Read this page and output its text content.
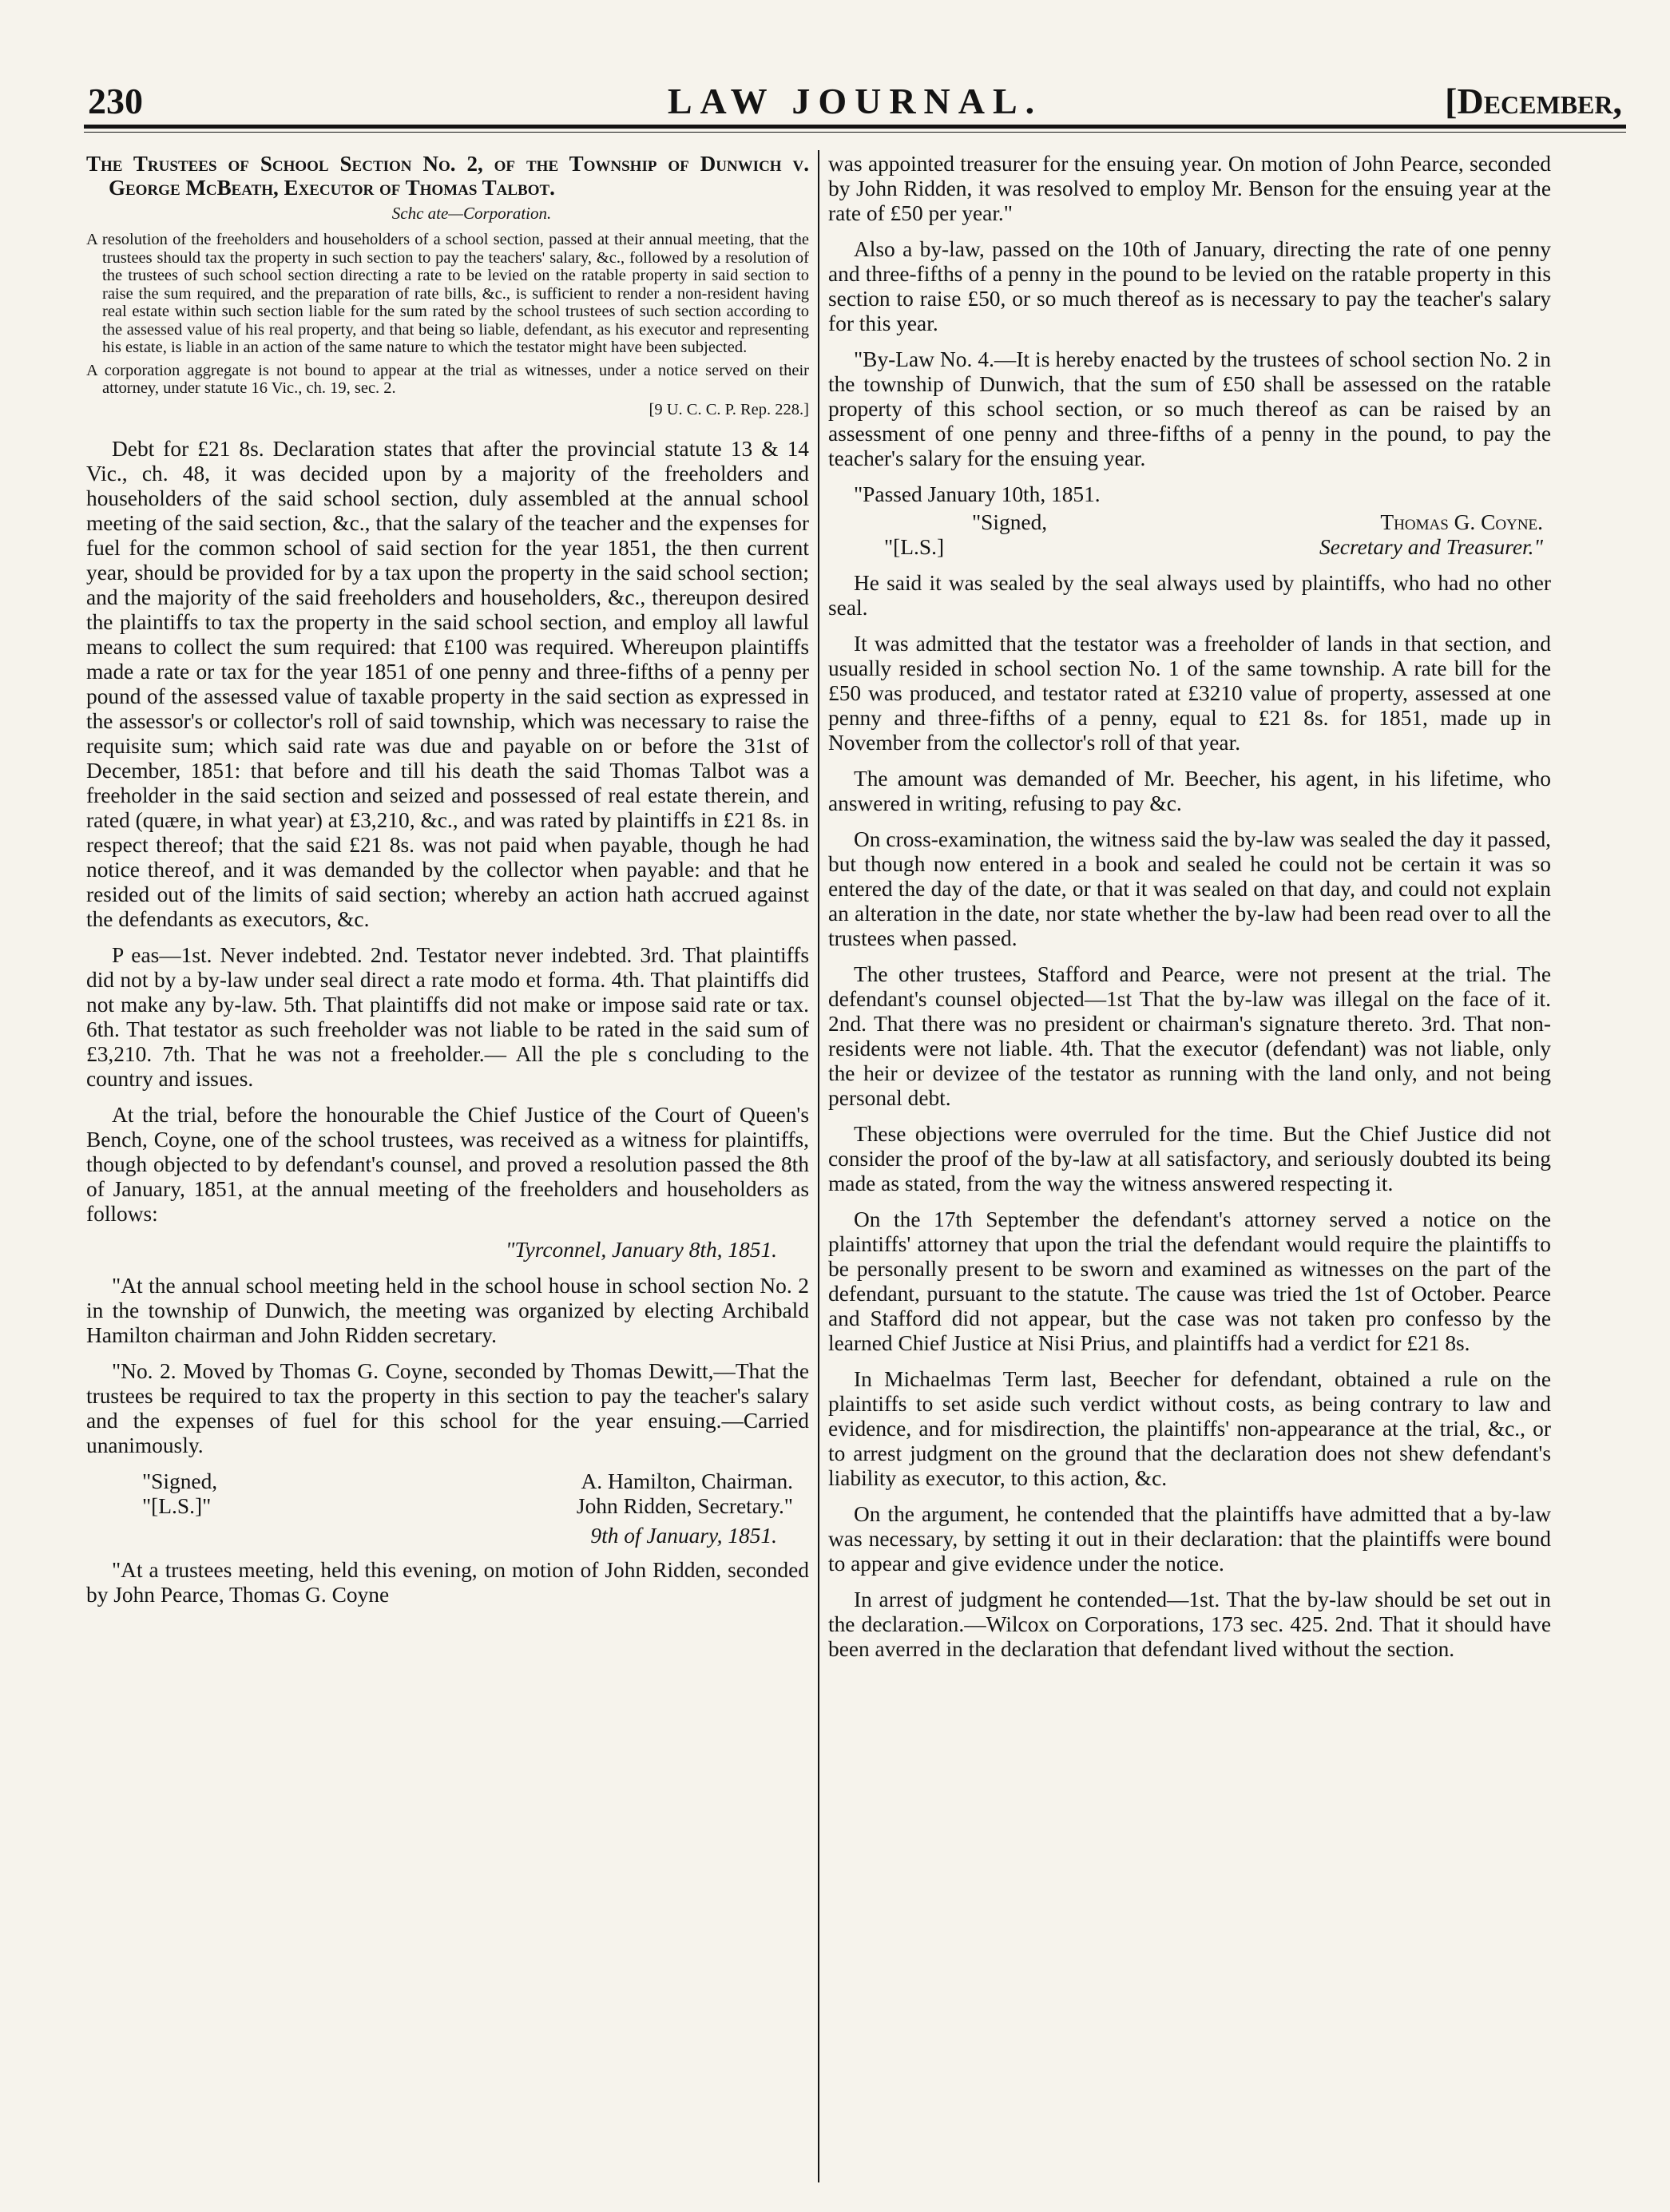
230	LAW JOURNAL.	[December,

The Trustees of School Section No. 2, of the Township of Dunwich v. George McBeath, Executor of Thomas Talbot.

Schc ate—Corporation.

A resolution of the freeholders and householders of a school section, passed at their annual meeting, that the trustees should tax the property in such section to pay the teachers' salary, &c., followed by a resolution of the trustees of such school section directing a rate to be levied on the ratable property in said section to raise the sum required, and the preparation of rate bills, &c., is sufficient to render a non-resident having real estate within such section liable for the sum rated by the school trustees of such section according to the assessed value of his real property, and that being so liable, defendant, as his executor and representing his estate, is liable in an action of the same nature to which the testator might have been subjected.

A corporation aggregate is not bound to appear at the trial as witnesses, under a notice served on their attorney, under statute 16 Vic., ch. 19, sec. 2.

[9 U. C. C. P. Rep. 228.]

Debt for £21 8s. Declaration states that after the provincial statute 13 & 14 Vic., ch. 48, it was decided upon by a majority of the freeholders and householders of the said school section, duly assembled at the annual school meeting of the said section, &c., that the salary of the teacher and the expenses for fuel for the common school of said section for the year 1851, the then current year, should be provided for by a tax upon the property in the said school section; and the majority of the said freeholders and householders, &c., thereupon desired the plaintiffs to tax the property in the said school section, and employ all lawful means to collect the sum required: that £100 was required. Whereupon plaintiffs made a rate or tax for the year 1851 of one penny and three-fifths of a penny per pound of the assessed value of taxable property in the said section as expressed in the assessor's or collector's roll of said township, which was necessary to raise the requisite sum; which said rate was due and payable on or before the 31st of December, 1851: that before and till his death the said Thomas Talbot was a freeholder in the said section and seized and possessed of real estate therein, and rated (quære, in what year) at £3,210, &c., and was rated by plaintiffs in £21 8s. in respect thereof; that the said £21 8s. was not paid when payable, though he had notice thereof, and it was demanded by the collector when payable: and that he resided out of the limits of said section; whereby an action hath accrued against the defendants as executors, &c.

P eas—1st. Never indebted. 2nd. Testator never indebted. 3rd. That plaintiffs did not by a by-law under seal direct a rate modo et forma. 4th. That plaintiffs did not make any by-law. 5th. That plaintiffs did not make or impose said rate or tax. 6th. That testator as such freeholder was not liable to be rated in the said sum of £3,210. 7th. That he was not a freeholder.— All the ple s concluding to the country and issues.

At the trial, before the honourable the Chief Justice of the Court of Queen's Bench, Coyne, one of the school trustees, was received as a witness for plaintiffs, though objected to by defendant's counsel, and proved a resolution passed the 8th of January, 1851, at the annual meeting of the freeholders and householders as follows:

"Tyrconnel, January 8th, 1851.

"At the annual school meeting held in the school house in school section No. 2 in the township of Dunwich, the meeting was organized by electing Archibald Hamilton chairman and John Ridden secretary.

"No. 2. Moved by Thomas G. Coyne, seconded by Thomas Dewitt,—That the trustees be required to tax the property in this section to pay the teacher's salary and the expenses of fuel for this school for the year ensuing.—Carried unanimously.

"Signed,	A. Hamilton, Chairman.
"[L.S.]"	John Ridden, Secretary."

9th of January, 1851.

"At a trustees meeting, held this evening, on motion of John Ridden, seconded by John Pearce, Thomas G. Coyne

was appointed treasurer for the ensuing year. On motion of John Pearce, seconded by John Ridden, it was resolved to employ Mr. Benson for the ensuing year at the rate of £50 per year."

Also a by-law, passed on the 10th of January, directing the rate of one penny and three-fifths of a penny in the pound to be levied on the ratable property in this section to raise £50, or so much thereof as is necessary to pay the teacher's salary for this year.

"By-Law No. 4.—It is hereby enacted by the trustees of school section No. 2 in the township of Dunwich, that the sum of £50 shall be assessed on the ratable property of this school section, or so much thereof as can be raised by an assessment of one penny and three-fifths of a penny in the pound, to pay the teacher's salary for the ensuing year.

"Passed January 10th, 1851.

"Signed,	Thomas G. Coyne.
"[L.S.]	Secretary and Treasurer."

He said it was sealed by the seal always used by plaintiffs, who had no other seal.

It was admitted that the testator was a freeholder of lands in that section, and usually resided in school section No. 1 of the same township. A rate bill for the £50 was produced, and testator rated at £3210 value of property, assessed at one penny and three-fifths of a penny, equal to £21 8s. for 1851, made up in November from the collector's roll of that year.

The amount was demanded of Mr. Beecher, his agent, in his lifetime, who answered in writing, refusing to pay &c.

On cross-examination, the witness said the by-law was sealed the day it passed, but though now entered in a book and sealed he could not be certain it was so entered the day of the date, or that it was sealed on that day, and could not explain an alteration in the date, nor state whether the by-law had been read over to all the trustees when passed.

The other trustees, Stafford and Pearce, were not present at the trial. The defendant's counsel objected—1st That the by-law was illegal on the face of it. 2nd. That there was no president or chairman's signature thereto. 3rd. That non-residents were not liable. 4th. That the executor (defendant) was not liable, only the heir or devizee of the testator as running with the land only, and not being personal debt.

These objections were overruled for the time. But the Chief Justice did not consider the proof of the by-law at all satisfactory, and seriously doubted its being made as stated, from the way the witness answered respecting it.

On the 17th September the defendant's attorney served a notice on the plaintiffs' attorney that upon the trial the defendant would require the plaintiffs to be personally present to be sworn and examined as witnesses on the part of the defendant, pursuant to the statute. The cause was tried the 1st of October. Pearce and Stafford did not appear, but the case was not taken pro confesso by the learned Chief Justice at Nisi Prius, and plaintiffs had a verdict for £21 8s.

In Michaelmas Term last, Beecher for defendant, obtained a rule on the plaintiffs to set aside such verdict without costs, as being contrary to law and evidence, and for misdirection, the plaintiffs' non-appearance at the trial, &c., or to arrest judgment on the ground that the declaration does not shew defendant's liability as executor, to this action, &c.

On the argument, he contended that the plaintiffs have admitted that a by-law was necessary, by setting it out in their declaration: that the plaintiffs were bound to appear and give evidence under the notice.

In arrest of judgment he contended—1st. That the by-law should be set out in the declaration.—Wilcox on Corporations, 173 sec. 425. 2nd. That it should have been averred in the declaration that defendant lived without the section.
